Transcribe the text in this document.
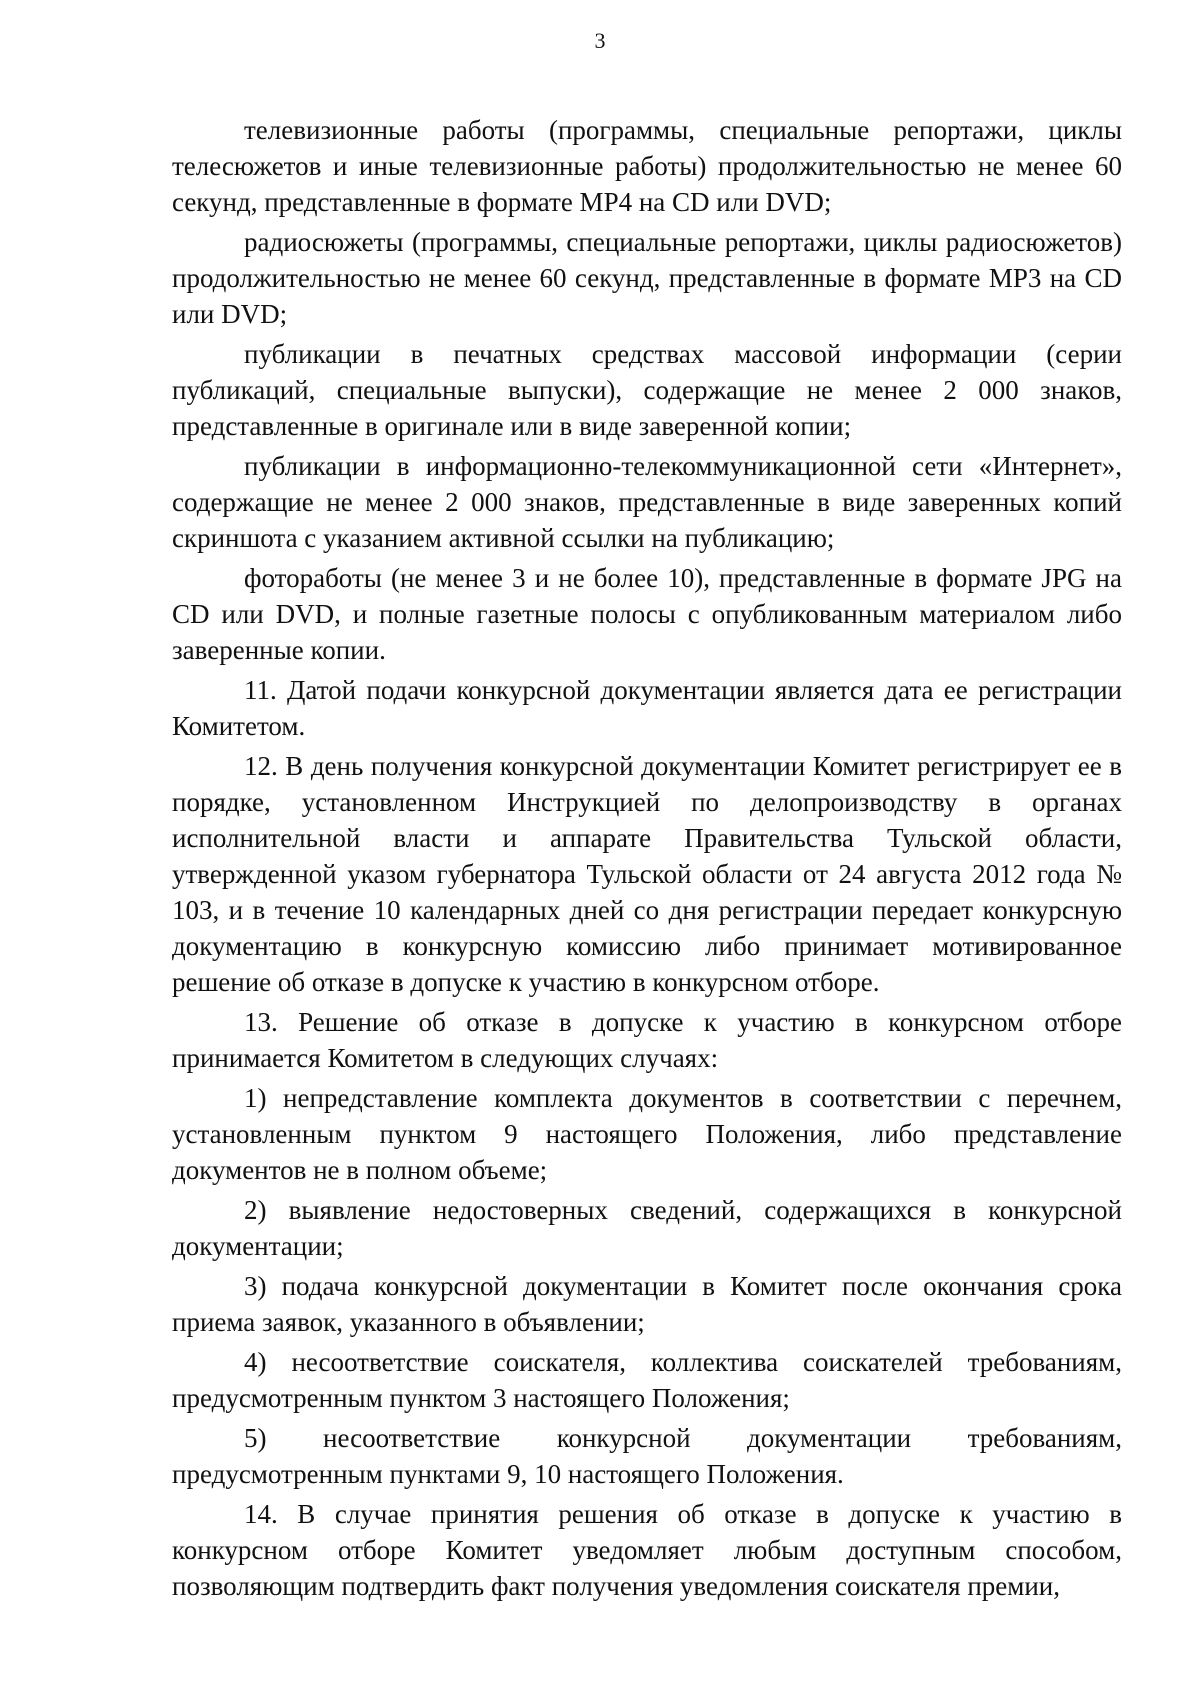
3

телевизионные работы (программы, специальные репортажи, циклы телесюжетов и иные телевизионные работы) продолжительностью не менее 60 секунд, представленные в формате MP4 на CD или DVD;

радиосюжеты (программы, специальные репортажи, циклы радиосюжетов) продолжительностью не менее 60 секунд, представленные в формате MP3 на CD или DVD;

публикации в печатных средствах массовой информации (серии публикаций, специальные выпуски), содержащие не менее 2 000 знаков, представленные в оригинале или в виде заверенной копии;

публикации в информационно-телекоммуникационной сети «Интернет», содержащие не менее 2 000 знаков, представленные в виде заверенных копий скриншота с указанием активной ссылки на публикацию;

фотоработы (не менее 3 и не более 10), представленные в формате JPG на CD или DVD, и полные газетные полосы с опубликованным материалом либо заверенные копии.

11. Датой подачи конкурсной документации является дата ее регистрации Комитетом.

12. В день получения конкурсной документации Комитет регистрирует ее в порядке, установленном Инструкцией по делопроизводству в органах исполнительной власти и аппарате Правительства Тульской области, утвержденной указом губернатора Тульской области от 24 августа 2012 года № 103, и в течение 10 календарных дней со дня регистрации передает конкурсную документацию в конкурсную комиссию либо принимает мотивированное решение об отказе в допуске к участию в конкурсном отборе.

13. Решение об отказе в допуске к участию в конкурсном отборе принимается Комитетом в следующих случаях:

1) непредставление комплекта документов в соответствии с перечнем, установленным пунктом 9 настоящего Положения, либо представление документов не в полном объеме;

2) выявление недостоверных сведений, содержащихся в конкурсной документации;

3) подача конкурсной документации в Комитет после окончания срока приема заявок, указанного в объявлении;

4) несоответствие соискателя, коллектива соискателей требованиям, предусмотренным пунктом 3 настоящего Положения;

5) несоответствие конкурсной документации требованиям, предусмотренным пунктами 9, 10 настоящего Положения.

14. В случае принятия решения об отказе в допуске к участию в конкурсном отборе Комитет уведомляет любым доступным способом, позволяющим подтвердить факт получения уведомления соискателя премии,
